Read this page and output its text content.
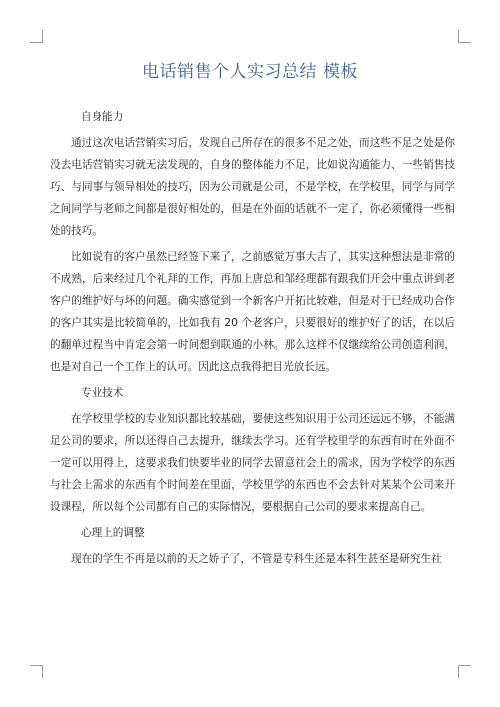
电话销售个人实习总结 模板
自身能力

通过这次电话营销实习后，发现自己所存在的很多不足之处，而这些不足之处是你没去电话营销实习就无法发现的，自身的整体能力不足，比如说沟通能力、一些销售技巧、与同事与领导相处的技巧，因为公司就是公司，不是学校，在学校里，同学与同学之间同学与老师之间都是很好相处的，但是在外面的话就不一定了，你必须懂得一些相处的技巧。

比如说有的客户虽然已经签下来了，之前感觉万事大吉了，其实这种想法是非常的不成熟，后来经过几个礼拜的工作，再加上唐总和邹经理都有跟我们开会中重点讲到老客户的维护好与坏的问题。确实感觉到一个新客户开拓比较难，但是对于已经成功合作的客户其实是比较简单的，比如我有 20 个老客户，只要很好的维护好了的话，在以后的翻单过程当中肯定会第一时间想到联通的小林。那么这样不仅继续给公司创造利润，也是对自己一个工作上的认可。因此这点我得把目光放长远。

专业技术

在学校里学校的专业知识都比较基础，要使这些知识用于公司还远远不够，不能满足公司的要求，所以还得自己去提升，继续去学习。还有学校里学的东西有时在外面不一定可以用得上，这要求我们快要毕业的同学去留意社会上的需求，因为学校学的东西与社会上需求的东西有个时间差在里面，学校里学的东西也不会去针对某某个公司来开设课程，所以每个公司都有自己的实际情况，要根据自己公司的要求来提高自己。

心理上的调整

现在的学生不再是以前的天之娇子了，不管是专科生还是本科生甚至是研究生社
